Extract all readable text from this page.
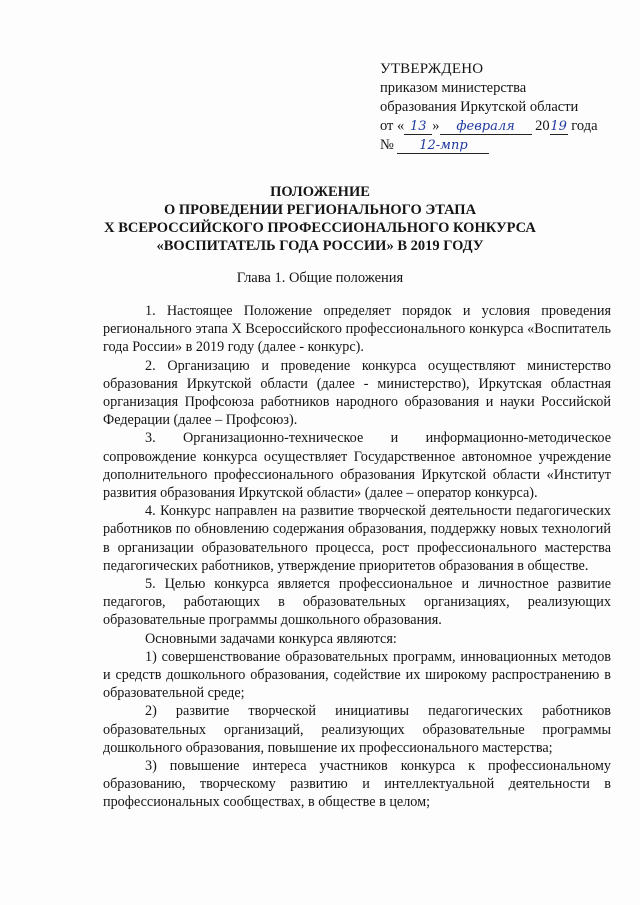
УТВЕРЖДЕНО
приказом министерства
образования Иркутской области
от « 13 » февраля 2019 года
№ 12-мпр
ПОЛОЖЕНИЕ
О ПРОВЕДЕНИИ РЕГИОНАЛЬНОГО ЭТАПА
X ВСЕРОССИЙСКОГО ПРОФЕССИОНАЛЬНОГО КОНКУРСА
«ВОСПИТАТЕЛЬ ГОДА РОССИИ» В 2019 ГОДУ
Глава 1. Общие положения

1. Настоящее Положение определяет порядок и условия проведения регионального этапа X Всероссийского профессионального конкурса «Воспитатель года России» в 2019 году (далее - конкурс).

2. Организацию и проведение конкурса осуществляют министерство образования Иркутской области (далее - министерство), Иркутская областная организация Профсоюза работников народного образования и науки Российской Федерации (далее – Профсоюз).

3. Организационно-техническое и информационно-методическое сопровождение конкурса осуществляет Государственное автономное учреждение дополнительного профессионального образования Иркутской области «Институт развития образования Иркутской области» (далее – оператор конкурса).

4. Конкурс направлен на развитие творческой деятельности педагогических работников по обновлению содержания образования, поддержку новых технологий в организации образовательного процесса, рост профессионального мастерства педагогических работников, утверждение приоритетов образования в обществе.

5. Целью конкурса является профессиональное и личностное развитие педагогов, работающих в образовательных организациях, реализующих образовательные программы дошкольного образования.

Основными задачами конкурса являются:

1) совершенствование образовательных программ, инновационных методов и средств дошкольного образования, содействие их широкому распространению в образовательной среде;

2) развитие творческой инициативы педагогических работников образовательных организаций, реализующих образовательные программы дошкольного образования, повышение их профессионального мастерства;

3) повышение интереса участников конкурса к профессиональному образованию, творческому развитию и интеллектуальной деятельности в профессиональных сообществах, в обществе в целом;
